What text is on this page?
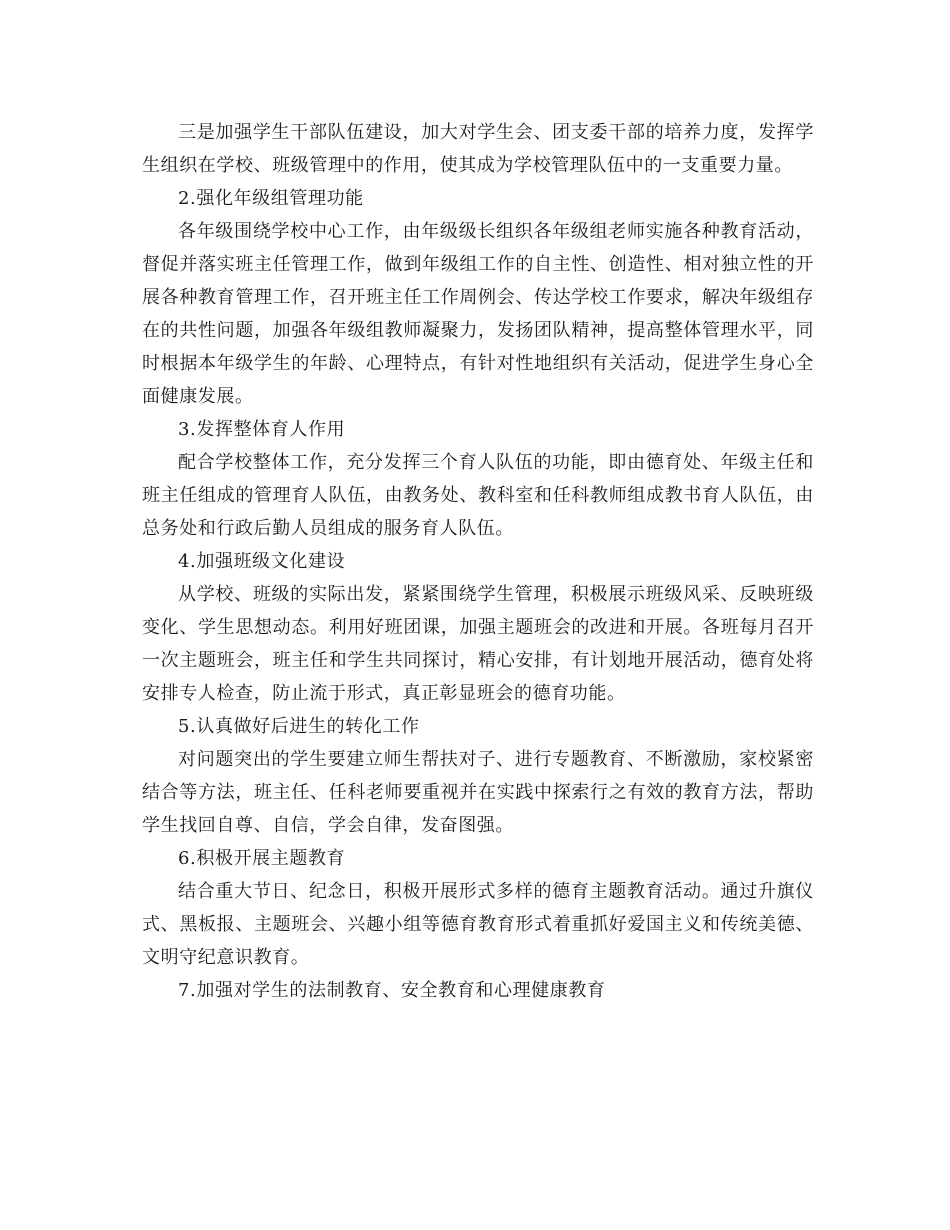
三是加强学生干部队伍建设，加大对学生会、团支委干部的培养力度，发挥学生组织在学校、班级管理中的作用，使其成为学校管理队伍中的一支重要力量。

2.强化年级组管理功能

各年级围绕学校中心工作，由年级级长组织各年级组老师实施各种教育活动，督促并落实班主任管理工作，做到年级组工作的自主性、创造性、相对独立性的开展各种教育管理工作，召开班主任工作周例会、传达学校工作要求，解决年级组存在的共性问题，加强各年级组教师凝聚力，发扬团队精神，提高整体管理水平，同时根据本年级学生的年龄、心理特点，有针对性地组织有关活动，促进学生身心全面健康发展。

3.发挥整体育人作用

配合学校整体工作，充分发挥三个育人队伍的功能，即由德育处、年级主任和班主任组成的管理育人队伍，由教务处、教科室和任科教师组成教书育人队伍，由总务处和行政后勤人员组成的服务育人队伍。

4.加强班级文化建设

从学校、班级的实际出发，紧紧围绕学生管理，积极展示班级风采、反映班级变化、学生思想动态。利用好班团课，加强主题班会的改进和开展。各班每月召开一次主题班会，班主任和学生共同探讨，精心安排，有计划地开展活动，德育处将安排专人检查，防止流于形式，真正彰显班会的德育功能。

5.认真做好后进生的转化工作

对问题突出的学生要建立师生帮扶对子、进行专题教育、不断激励，家校紧密结合等方法，班主任、任科老师要重视并在实践中探索行之有效的教育方法，帮助学生找回自尊、自信，学会自律，发奋图强。

6.积极开展主题教育

结合重大节日、纪念日，积极开展形式多样的德育主题教育活动。通过升旗仪式、黑板报、主题班会、兴趣小组等德育教育形式着重抓好爱国主义和传统美德、文明守纪意识教育。

7.加强对学生的法制教育、安全教育和心理健康教育
